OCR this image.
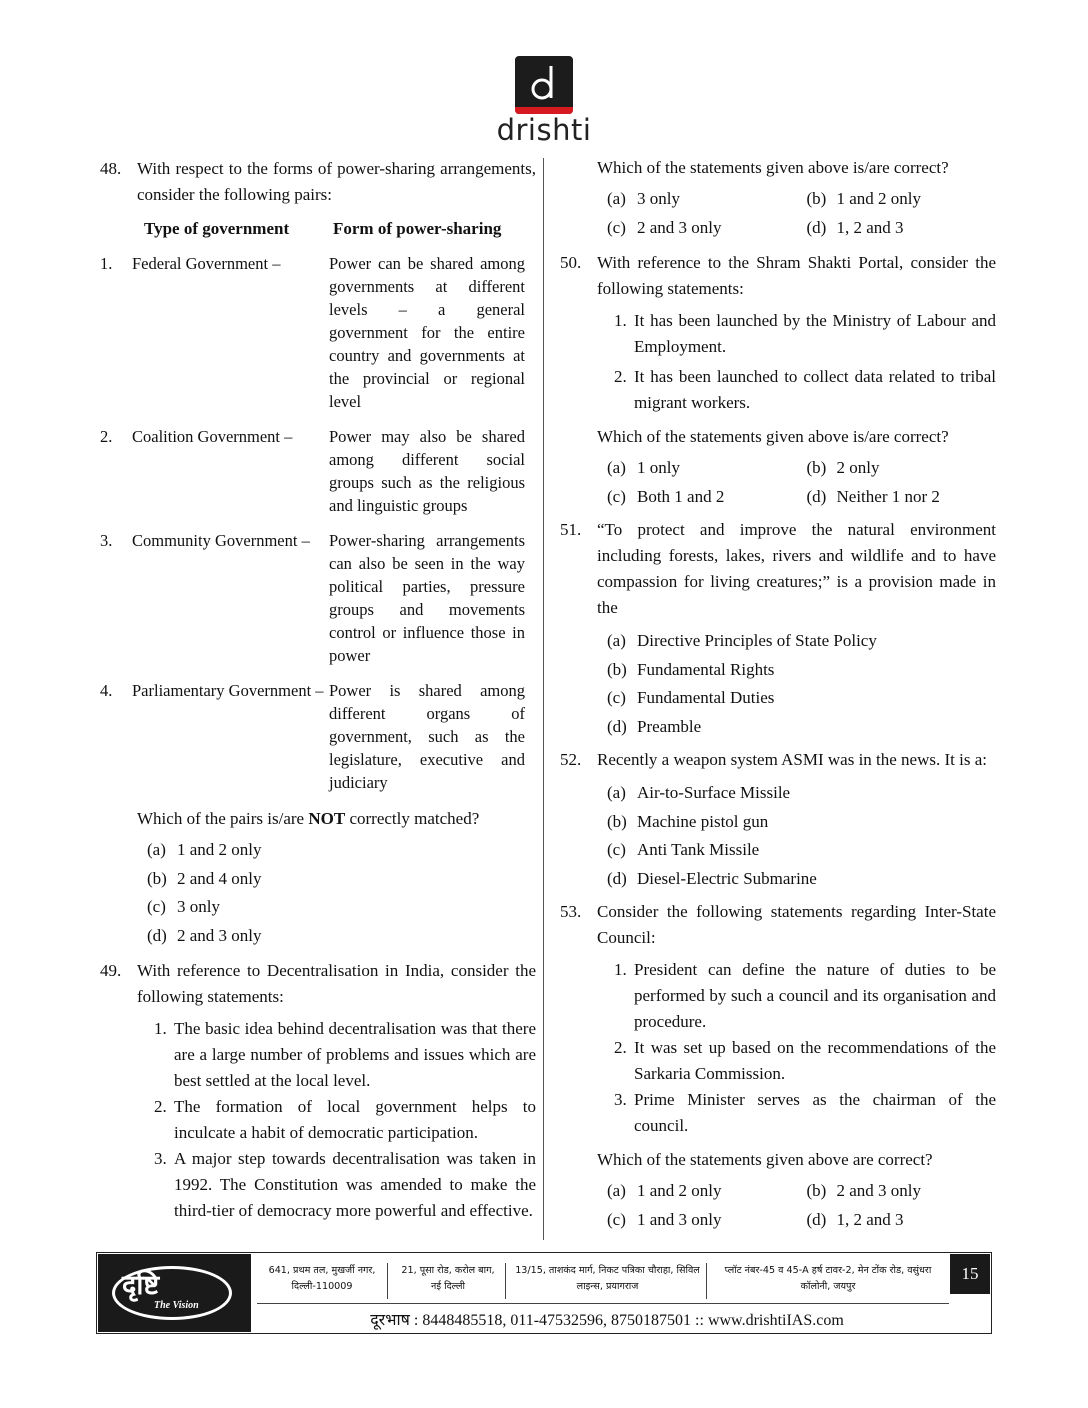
drishti
48. With respect to the forms of power-sharing arrangements, consider the following pairs:
Type of government	Form of power-sharing
1.	Federal Government –	Power can be shared among governments at different levels – a general government for the entire country and governments at the provincial or regional level
2.	Coalition Government –	Power may also be shared among different social groups such as the religious and linguistic groups
3.	Community Government –	Power-sharing arrangements can also be seen in the way political parties, pressure groups and movements control or influence those in power
4.	Parliamentary Government – Power is shared among different organs of government, such as the legislature, executive and judiciary
Which of the pairs is/are NOT correctly matched?
(a) 1 and 2 only
(b) 2 and 4 only
(c) 3 only
(d) 2 and 3 only
49. With reference to Decentralisation in India, consider the following statements:
1. The basic idea behind decentralisation was that there are a large number of problems and issues which are best settled at the local level.
2. The formation of local government helps to inculcate a habit of democratic participation.
3. A major step towards decentralisation was taken in 1992. The Constitution was amended to make the third-tier of democracy more powerful and effective.
Which of the statements given above is/are correct?
(a) 3 only	(b) 1 and 2 only
(c) 2 and 3 only	(d) 1, 2 and 3
50. With reference to the Shram Shakti Portal, consider the following statements:
1. It has been launched by the Ministry of Labour and Employment.
2. It has been launched to collect data related to tribal migrant workers.
Which of the statements given above is/are correct?
(a) 1 only	(b) 2 only
(c) Both 1 and 2	(d) Neither 1 nor 2
51. “To protect and improve the natural environment including forests, lakes, rivers and wildlife and to have compassion for living creatures;” is a provision made in the
(a) Directive Principles of State Policy
(b) Fundamental Rights
(c) Fundamental Duties
(d) Preamble
52. Recently a weapon system ASMI was in the news. It is a:
(a) Air-to-Surface Missile
(b) Machine pistol gun
(c) Anti Tank Missile
(d) Diesel-Electric Submarine
53. Consider the following statements regarding Inter-State Council:
1. President can define the nature of duties to be performed by such a council and its organisation and procedure.
2. It was set up based on the recommendations of the Sarkaria Commission.
3. Prime Minister serves as the chairman of the council.
Which of the statements given above are correct?
(a) 1 and 2 only	(b) 2 and 3 only
(c) 1 and 3 only	(d) 1, 2 and 3
दृष्टि
The Vision
641, प्रथम तल, मुखर्जी नगर, दिल्ली-110009
21, पूसा रोड, करोल बाग, नई दिल्ली
13/15, ताशकंद मार्ग, निकट पत्रिका चौराहा, सिविल लाइन्स, प्रयागराज
प्लॉट नंबर-45 व 45-A हर्ष टावर-2, मेन टोंक रोड, वसुंधरा कॉलोनी, जयपुर
दूरभाष : 8448485518, 011-47532596, 8750187501 :: www.drishtiIAS.com
15
